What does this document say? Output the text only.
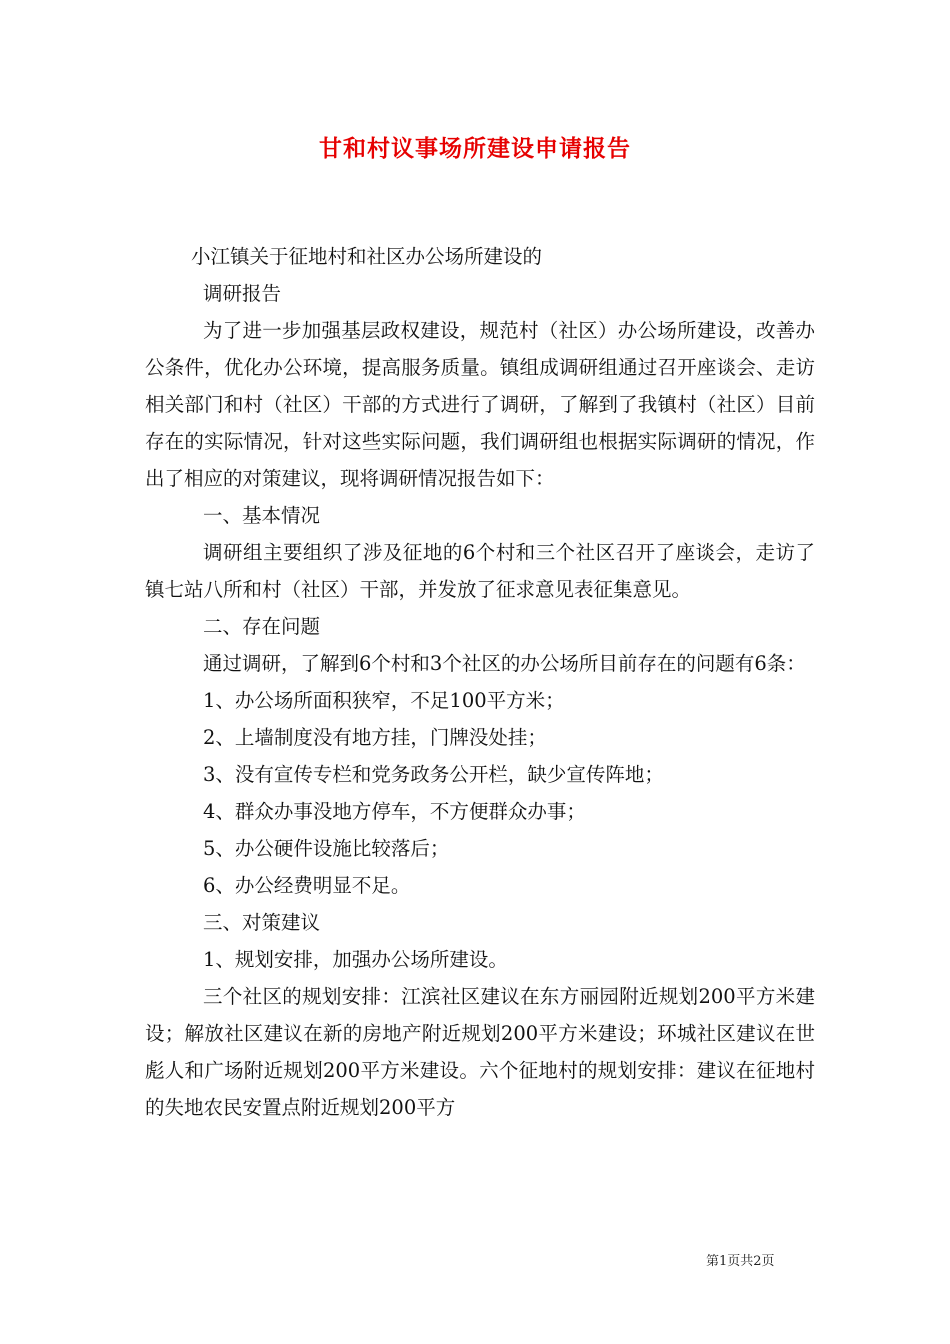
甘和村议事场所建设申请报告

小江镇关于征地村和社区办公场所建设的

调研报告

为了进一步加强基层政权建设，规范村（社区）办公场所建设，改善办公条件，优化办公环境，提高服务质量。镇组成调研组通过召开座谈会、走访相关部门和村（社区）干部的方式进行了调研，了解到了我镇村（社区）目前存在的实际情况，针对这些实际问题，我们调研组也根据实际调研的情况，作出了相应的对策建议，现将调研情况报告如下：

一、基本情况

调研组主要组织了涉及征地的6个村和三个社区召开了座谈会，走访了镇七站八所和村（社区）干部，并发放了征求意见表征集意见。

二、存在问题

通过调研，了解到6个村和3个社区的办公场所目前存在的问题有6条：

1、办公场所面积狭窄，不足100平方米；

2、上墙制度没有地方挂，门牌没处挂；

3、没有宣传专栏和党务政务公开栏，缺少宣传阵地；

4、群众办事没地方停车，不方便群众办事；

5、办公硬件设施比较落后；

6、办公经费明显不足。

三、对策建议

1、规划安排，加强办公场所建设。

三个社区的规划安排：江滨社区建议在东方丽园附近规划200平方米建设；解放社区建议在新的房地产附近规划200平方米建设；环城社区建议在世彪人和广场附近规划200平方米建设。六个征地村的规划安排：建议在征地村的失地农民安置点附近规划200平方

第1页共2页
